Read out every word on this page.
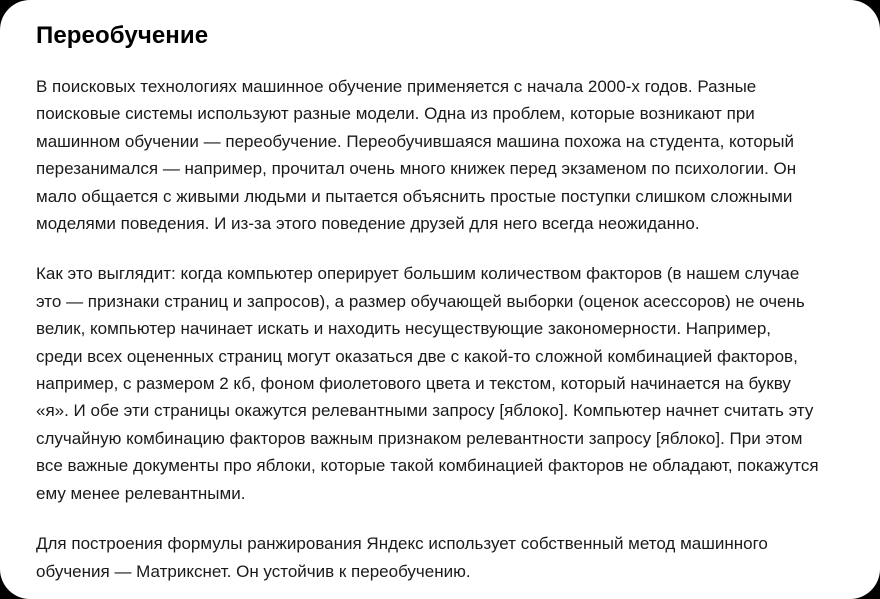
Переобучение

В поисковых технологиях машинное обучение применяется с начала 2000-х годов. Разные поисковые системы используют разные модели. Одна из проблем, которые возникают при машинном обучении — переобучение. Переобучившаяся машина похожа на студента, который перезанимался — например, прочитал очень много книжек перед экзаменом по психологии. Он мало общается с живыми людьми и пытается объяснить простые поступки слишком сложными моделями поведения. И из-за этого поведение друзей для него всегда неожиданно.

Как это выглядит: когда компьютер оперирует большим количеством факторов (в нашем случае это — признаки страниц и запросов), а размер обучающей выборки (оценок асессоров) не очень велик, компьютер начинает искать и находить несуществующие закономерности. Например, среди всех оцененных страниц могут оказаться две с какой-то сложной комбинацией факторов, например, с размером 2 кб, фоном фиолетового цвета и текстом, который начинается на букву «я». И обе эти страницы окажутся релевантными запросу [яблоко]. Компьютер начнет считать эту случайную комбинацию факторов важным признаком релевантности запросу [яблоко]. При этом все важные документы про яблоки, которые такой комбинацией факторов не обладают, покажутся ему менее релевантными.

Для построения формулы ранжирования Яндекс использует собственный метод машинного обучения — Матрикснет. Он устойчив к переобучению.
